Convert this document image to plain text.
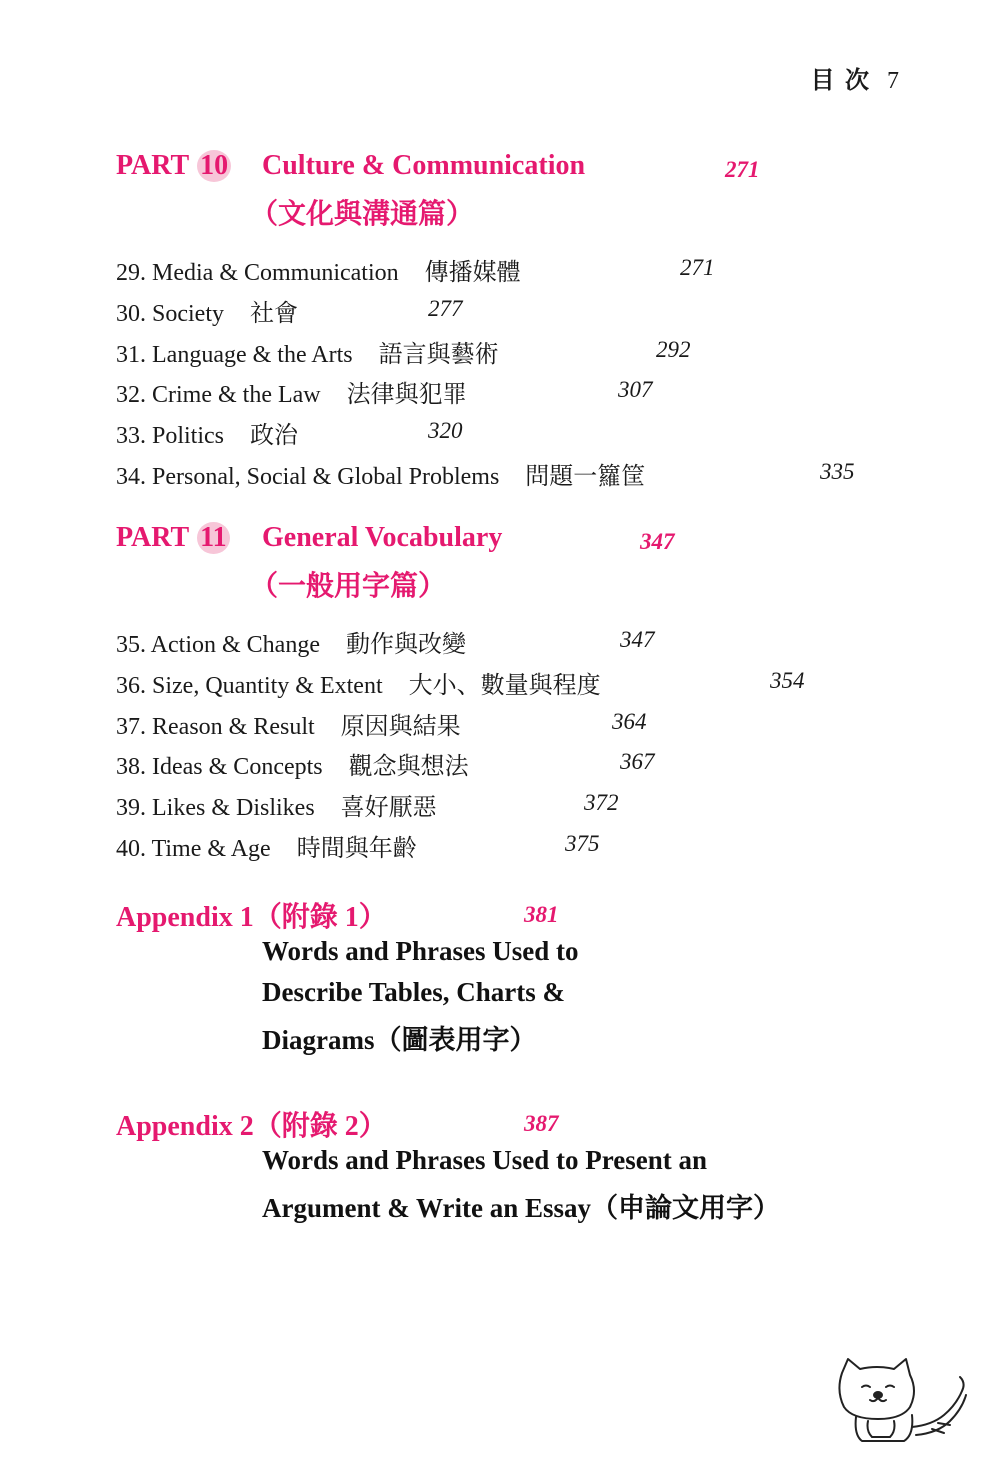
目 次 7
PART 10 Culture & Communication	271
（文化與溝通篇）
29. Media & Communication 傳播媒體	271
30. Society 社會	277
31. Language & the Arts 語言與藝術	292
32. Crime & the Law 法律與犯罪	307
33. Politics 政治	320
34. Personal, Social & Global Problems 問題一籮筐	335
PART 11 General Vocabulary	347
（一般用字篇）
35. Action & Change 動作與改變	347
36. Size, Quantity & Extent 大小、數量與程度	354
37. Reason & Result 原因與結果	364
38. Ideas & Concepts 觀念與想法	367
39. Likes & Dislikes 喜好厭惡	372
40. Time & Age 時間與年齡	375
Appendix 1（附錄 1）	381
Words and Phrases Used to
Describe Tables, Charts &
Diagrams（圖表用字）
Appendix 2（附錄 2）	387
Words and Phrases Used to Present an
Argument & Write an Essay（申論文用字）
